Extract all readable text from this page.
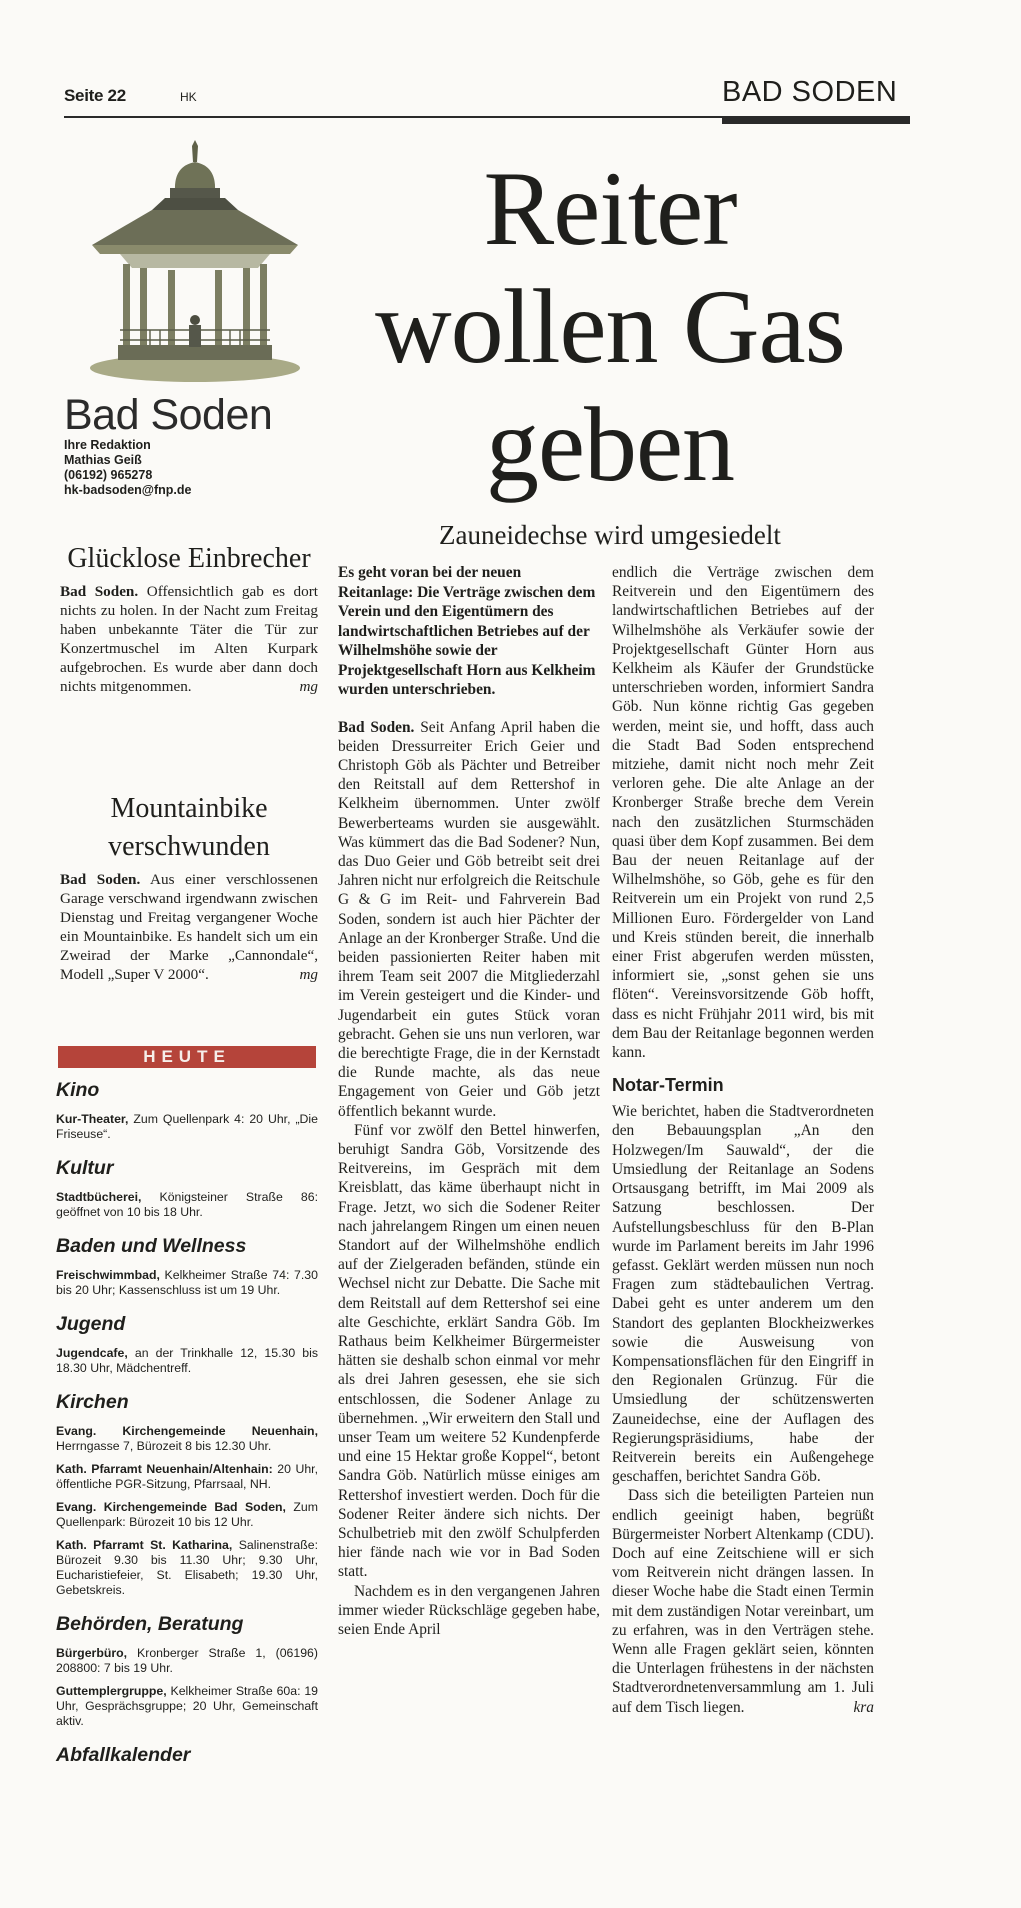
Seite 22	HK	BAD SODEN
Bad Soden
Ihre Redaktion
Mathias Geiß
(06192) 965278
hk-badsoden@fnp.de
Glücklose Einbrecher

Bad Soden. Offensichtlich gab es dort nichts zu holen. In der Nacht zum Freitag haben unbekannte Täter die Tür zur Konzertmuschel im Alten Kurpark aufgebrochen. Es wurde aber dann doch nichts mitgenommen.	mg

Mountainbike verschwunden

Bad Soden. Aus einer verschlossenen Garage verschwand irgendwann zwischen Dienstag und Freitag vergangener Woche ein Mountainbike. Es handelt sich um ein Zweirad der Marke „Cannondale“, Modell „Super V 2000“.	mg

HEUTE
Kino

Kur-Theater, Zum Quellenpark 4: 20 Uhr, „Die Friseuse“.

Kultur

Stadtbücherei, Königsteiner Straße 86: geöffnet von 10 bis 18 Uhr.

Baden und Wellness

Freischwimmbad, Kelkheimer Straße 74: 7.30 bis 20 Uhr; Kassenschluss ist um 19 Uhr.

Jugend

Jugendcafe, an der Trinkhalle 12, 15.30 bis 18.30 Uhr, Mädchentreff.

Kirchen

Evang. Kirchengemeinde Neuenhain, Herrngasse 7, Bürozeit 8 bis 12.30 Uhr.

Kath. Pfarramt Neuenhain/Altenhain: 20 Uhr, öffentliche PGR-Sitzung, Pfarrsaal, NH.

Evang. Kirchengemeinde Bad Soden, Zum Quellenpark: Bürozeit 10 bis 12 Uhr.

Kath. Pfarramt St. Katharina, Salinenstraße: Bürozeit 9.30 bis 11.30 Uhr; 9.30 Uhr, Eucharistiefeier, St. Elisabeth; 19.30 Uhr, Gebetskreis.

Behörden, Beratung

Bürgerbüro, Kronberger Straße 1, (06196) 208800: 7 bis 19 Uhr.

Guttemplergruppe, Kelkheimer Straße 60a: 19 Uhr, Gesprächsgruppe; 20 Uhr, Gemeinschaft aktiv.

Abfallkalender
Reiter wollen Gas geben
Zauneidechse wird umgesiedelt

Es geht voran bei der neuen Reitanlage: Die Verträge zwischen dem Verein und den Eigentümern des landwirtschaftlichen Betriebes auf der Wilhelmshöhe sowie der Projektgesellschaft Horn aus Kelkheim wurden unterschrieben.

Bad Soden. Seit Anfang April haben die beiden Dressurreiter Erich Geier und Christoph Göb als Pächter und Betreiber den Reitstall auf dem Rettershof in Kelkheim übernommen. Unter zwölf Bewerberteams wurden sie ausgewählt. Was kümmert das die Bad Sodener? Nun, das Duo Geier und Göb betreibt seit drei Jahren nicht nur erfolgreich die Reitschule G & G im Reit- und Fahrverein Bad Soden, sondern ist auch hier Pächter der Anlage an der Kronberger Straße. Und die beiden passionierten Reiter haben mit ihrem Team seit 2007 die Mitgliederzahl im Verein gesteigert und die Kinder- und Jugendarbeit ein gutes Stück voran gebracht. Gehen sie uns nun verloren, war die berechtigte Frage, die in der Kernstadt die Runde machte, als das neue Engagement von Geier und Göb jetzt öffentlich bekannt wurde.

Fünf vor zwölf den Bettel hinwerfen, beruhigt Sandra Göb, Vorsitzende des Reitvereins, im Gespräch mit dem Kreisblatt, das käme überhaupt nicht in Frage. Jetzt, wo sich die Sodener Reiter nach jahrelangem Ringen um einen neuen Standort auf der Wilhelmshöhe endlich auf der Zielgeraden befänden, stünde ein Wechsel nicht zur Debatte. Die Sache mit dem Reitstall auf dem Rettershof sei eine alte Geschichte, erklärt Sandra Göb. Im Rathaus beim Kelkheimer Bürgermeister hätten sie deshalb schon einmal vor mehr als drei Jahren gesessen, ehe sie sich entschlossen, die Sodener Anlage zu übernehmen. „Wir erweitern den Stall und unser Team um weitere 52 Kundenpferde und eine 15 Hektar große Koppel“, betont Sandra Göb. Natürlich müsse einiges am Rettershof investiert werden. Doch für die Sodener Reiter ändere sich nichts. Der Schulbetrieb mit den zwölf Schulpferden hier fände nach wie vor in Bad Soden statt.

Nachdem es in den vergangenen Jahren immer wieder Rückschläge gegeben habe, seien Ende April

endlich die Verträge zwischen dem Reitverein und den Eigentümern des landwirtschaftlichen Betriebes auf der Wilhelmshöhe als Verkäufer sowie der Projektgesellschaft Günter Horn aus Kelkheim als Käufer der Grundstücke unterschrieben worden, informiert Sandra Göb. Nun könne richtig Gas gegeben werden, meint sie, und hofft, dass auch die Stadt Bad Soden entsprechend mitziehe, damit nicht noch mehr Zeit verloren gehe. Die alte Anlage an der Kronberger Straße breche dem Verein nach den zusätzlichen Sturmschäden quasi über dem Kopf zusammen. Bei dem Bau der neuen Reitanlage auf der Wilhelmshöhe, so Göb, gehe es für den Reitverein um ein Projekt von rund 2,5 Millionen Euro. Fördergelder von Land und Kreis stünden bereit, die innerhalb einer Frist abgerufen werden müssten, informiert sie, „sonst gehen sie uns flöten“. Vereinsvorsitzende Göb hofft, dass es nicht Frühjahr 2011 wird, bis mit dem Bau der Reitanlage begonnen werden kann.

Notar-Termin

Wie berichtet, haben die Stadtverordneten den Bebauungsplan „An den Holzwegen/Im Sauwald“, der die Umsiedlung der Reitanlage an Sodens Ortsausgang betrifft, im Mai 2009 als Satzung beschlossen. Der Aufstellungsbeschluss für den B-Plan wurde im Parlament bereits im Jahr 1996 gefasst. Geklärt werden müssen nun noch Fragen zum städtebaulichen Vertrag. Dabei geht es unter anderem um den Standort des geplanten Blockheizwerkes sowie die Ausweisung von Kompensationsflächen für den Eingriff in den Regionalen Grünzug. Für die Umsiedlung der schützenswerten Zauneidechse, eine der Auflagen des Regierungspräsidiums, habe der Reitverein bereits ein Außengehege geschaffen, berichtet Sandra Göb.

Dass sich die beteiligten Parteien nun endlich geeinigt haben, begrüßt Bürgermeister Norbert Altenkamp (CDU). Doch auf eine Zeitschiene will er sich vom Reitverein nicht drängen lassen. In dieser Woche habe die Stadt einen Termin mit dem zuständigen Notar vereinbart, um zu erfahren, was in den Verträgen stehe. Wenn alle Fragen geklärt seien, könnten die Unterlagen frühestens in der nächsten Stadtverordnetenversammlung am 1. Juli auf dem Tisch liegen.	kra
